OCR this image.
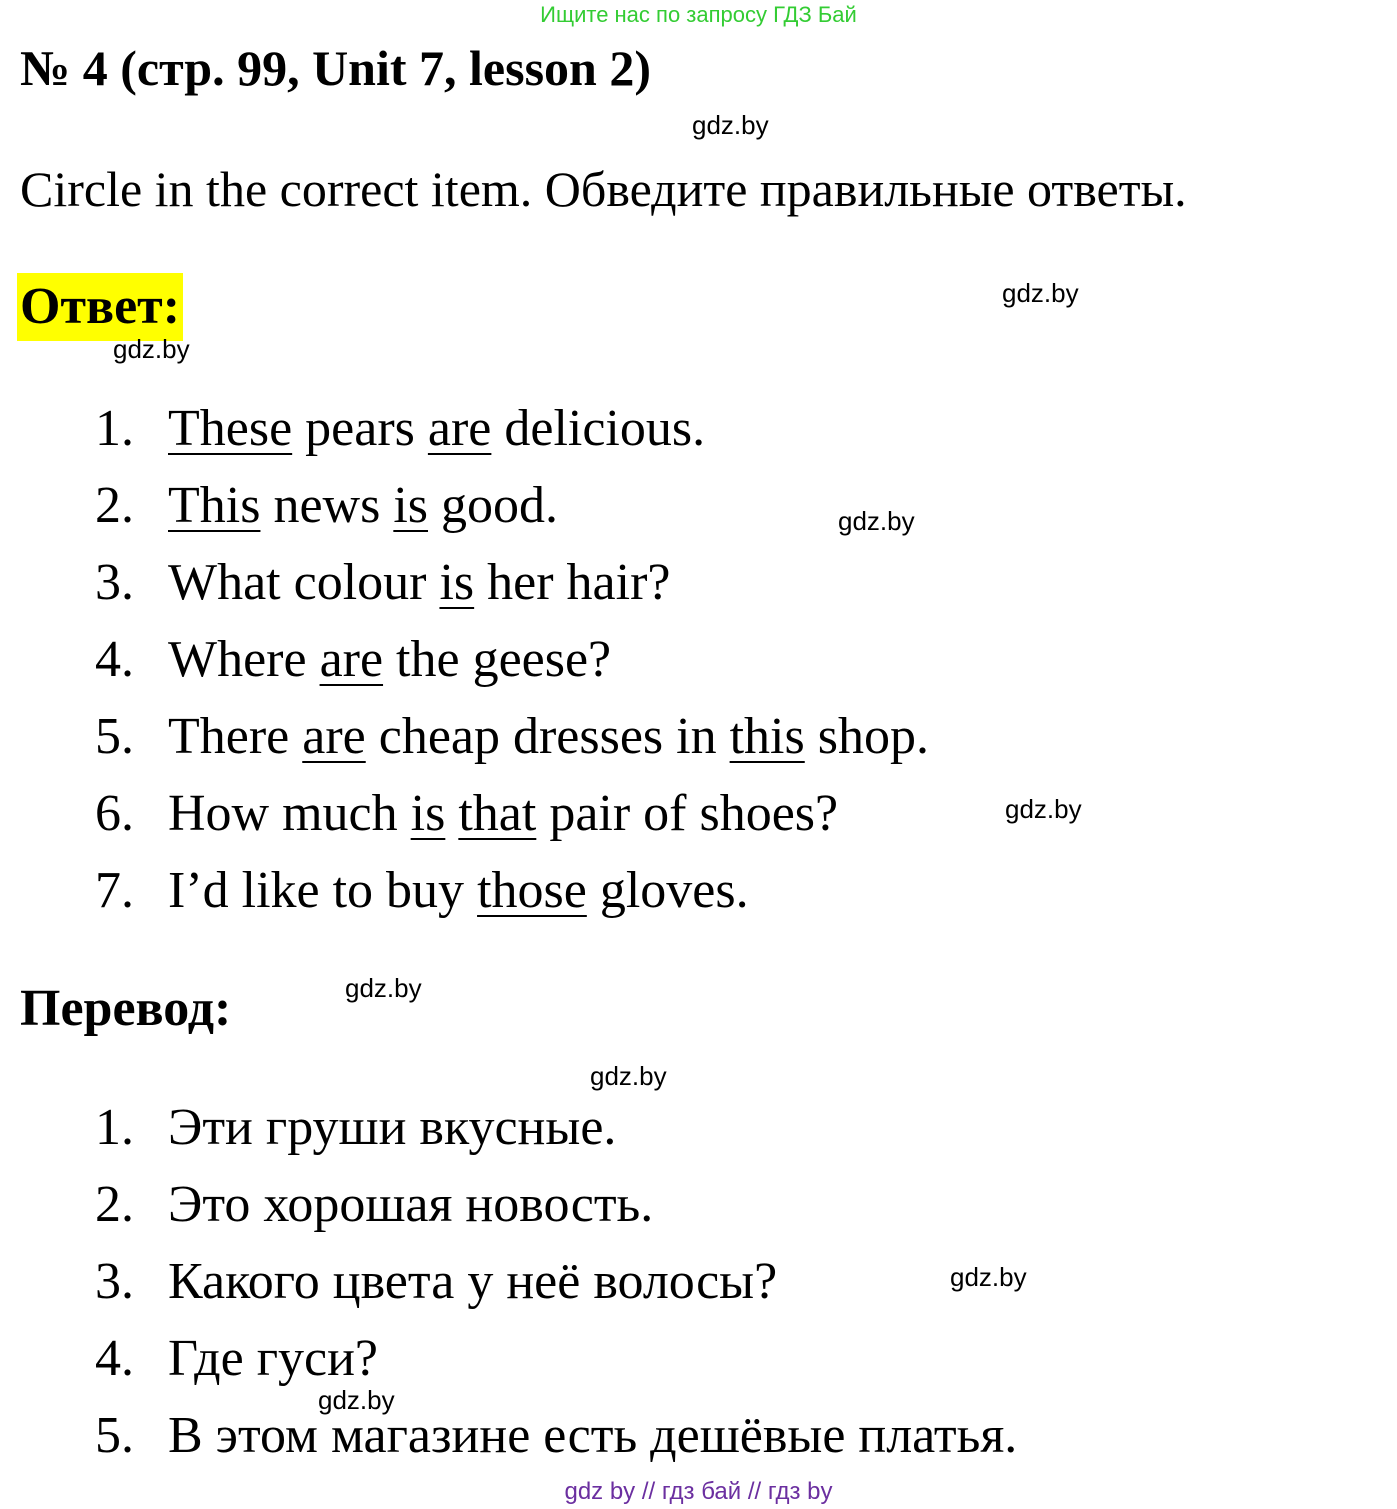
Ищите нас по запросу ГДЗ Бай
№ 4 (стр. 99, Unit 7, lesson 2)
gdz.by
Circle in the correct item. Обведите правильные ответы.
Ответ:	gdz.by
gdz.by
1. These pears are delicious.
2. This news is good.
3. What colour is her hair?
4. Where are the geese?
5. There are cheap dresses in this shop.
6. How much is that pair of shoes?
7. I’d like to buy those gloves.
gdz.by
gdz.by
Перевод:	gdz.by
gdz.by
1. Эти груши вкусные.
2. Это хорошая новость.
3. Какого цвета у неё волосы?
4. Где гуси?
5. В этом магазине есть дешёвые платья.
gdz.by
gdz.by
gdz by // гдз бай // гдз by
